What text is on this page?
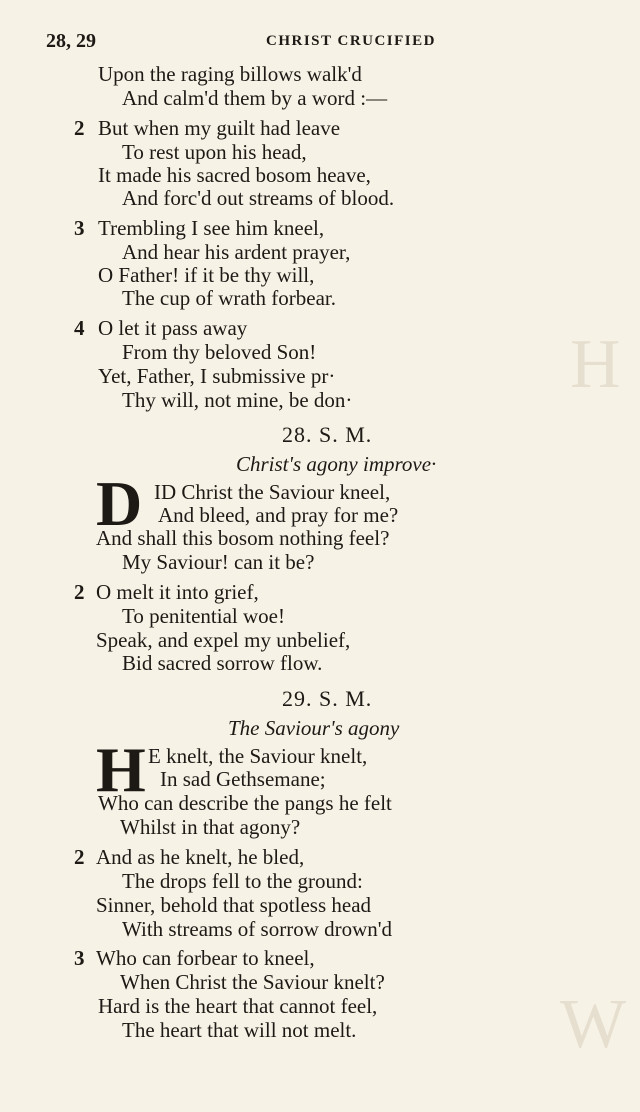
H
W
28, 29	CHRIST CRUCIFIED
Upon the raging billows walk'd
And calm'd them by a word :—
2 But when my guilt had leave
To rest upon his head,
It made his sacred bosom heave,
And forc'd out streams of blood.
3 Trembling I see him kneel,
And hear his ardent prayer,
O Father! if it be thy will,
The cup of wrath forbear.
4 O let it pass away
From thy beloved Son!
Yet, Father, I submissive pr·
Thy will, not mine, be don·
28. S. M.
Christ's agony improve·
D ID Christ the Saviour kneel,
And bleed, and pray for me?
And shall this bosom nothing feel?
My Saviour! can it be?
2 O melt it into grief,
To penitential woe!
Speak, and expel my unbelief,
Bid sacred sorrow flow.
29. S. M.
The Saviour's agony
H E knelt, the Saviour knelt,
In sad Gethsemane;
Who can describe the pangs he felt
Whilst in that agony?
2 And as he knelt, he bled,
The drops fell to the ground:
Sinner, behold that spotless head
With streams of sorrow drown'd
3 Who can forbear to kneel,
When Christ the Saviour knelt?
Hard is the heart that cannot feel,
The heart that will not melt.
